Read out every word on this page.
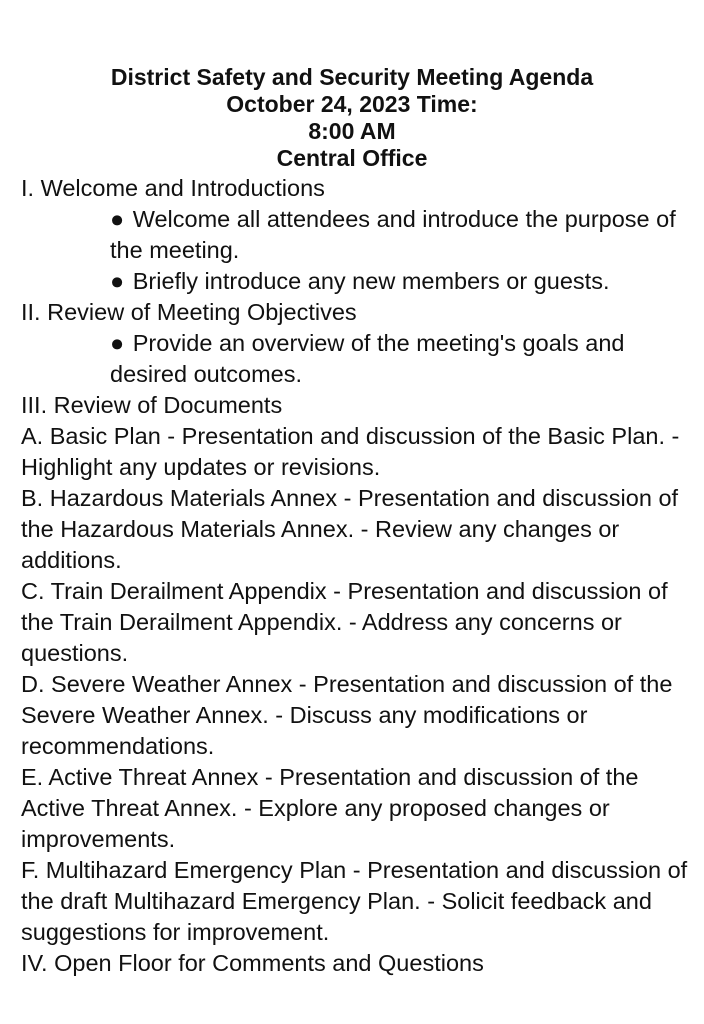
District Safety and Security Meeting Agenda
October 24, 2023 Time:
8:00 AM
Central Office
I. Welcome and Introductions
● Welcome all attendees and introduce the purpose of the meeting.
● Briefly introduce any new members or guests.
II. Review of Meeting Objectives
● Provide an overview of the meeting's goals and desired outcomes.
III. Review of Documents
A. Basic Plan - Presentation and discussion of the Basic Plan. - Highlight any updates or revisions.
B. Hazardous Materials Annex - Presentation and discussion of the Hazardous Materials Annex. - Review any changes or additions.
C. Train Derailment Appendix - Presentation and discussion of the Train Derailment Appendix. - Address any concerns or questions.
D. Severe Weather Annex - Presentation and discussion of the Severe Weather Annex. - Discuss any modifications or recommendations.
E. Active Threat Annex - Presentation and discussion of the Active Threat Annex. - Explore any proposed changes or improvements.
F. Multihazard Emergency Plan - Presentation and discussion of the draft Multihazard Emergency Plan. - Solicit feedback and suggestions for improvement.
IV. Open Floor for Comments and Questions
